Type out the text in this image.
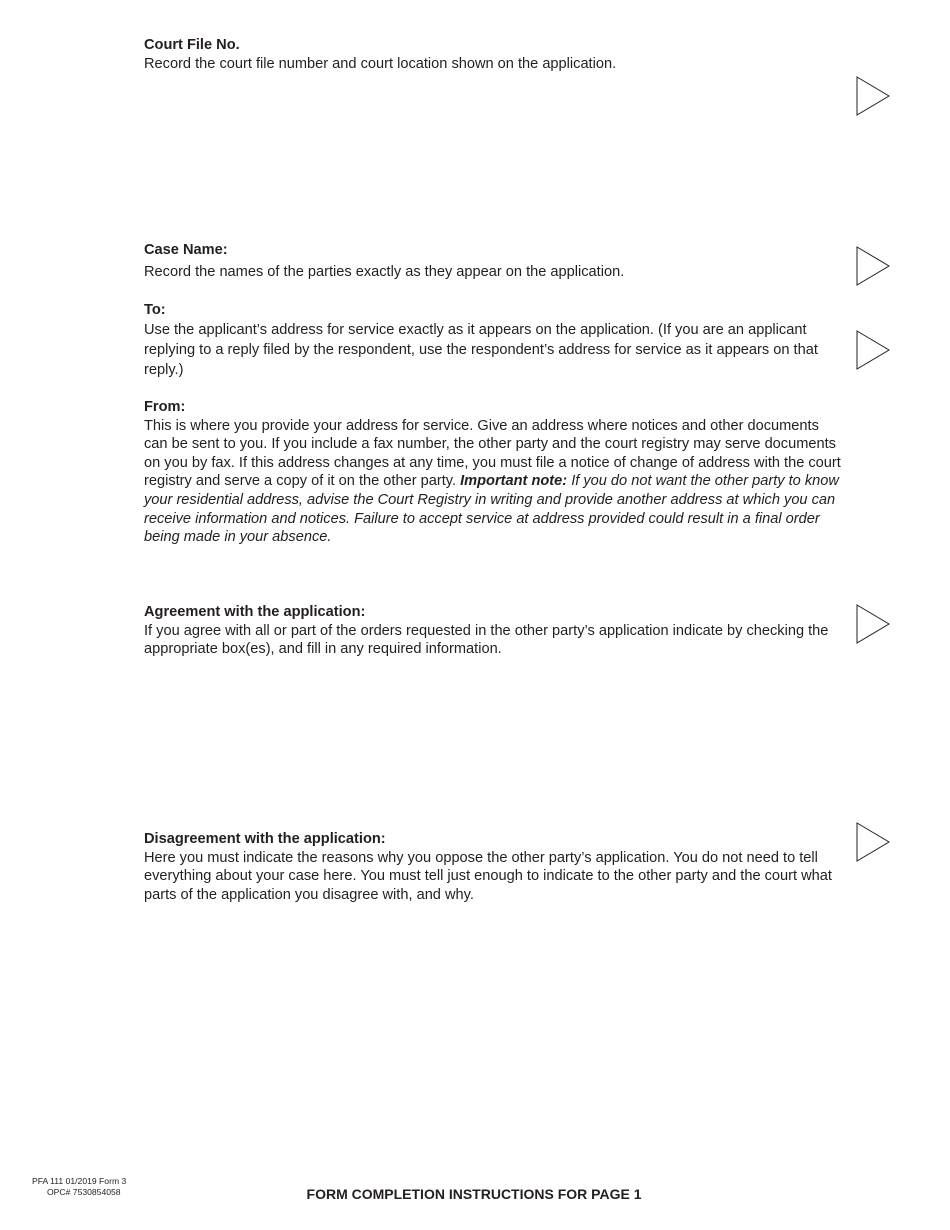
Court File No.
Record the court file number and court location shown on the application.
Case Name:
Record the names of the parties exactly as they appear on the application.
To:
Use the applicant’s address for service exactly as it appears on the application. (If you are an applicant replying to a reply filed by the respondent, use the respondent’s address for service as it appears on that reply.)
From:
This is where you provide your address for service. Give an address where notices and other documents can be sent to you. If you include a fax number, the other party and the court registry may serve documents on you by fax. If this address changes at any time, you must file a notice of change of address with the court registry and serve a copy of it on the other party. Important note: If you do not want the other party to know your residential address, advise the Court Registry in writing and provide another address at which you can receive information and notices. Failure to accept service at address provided could result in a final order being made in your absence.
Agreement with the application:
If you agree with all or part of the orders requested in the other party’s application indicate by checking the appropriate box(es), and fill in any required information.
Disagreement with the application:
Here you must indicate the reasons why you oppose the other party’s application. You do not need to tell everything about your case here. You must tell just enough to indicate to the other party and the court what parts of the application you disagree with, and why.
PFA 111 01/2019 Form 3
OPC# 7530854058	FORM COMPLETION INSTRUCTIONS FOR PAGE 1
